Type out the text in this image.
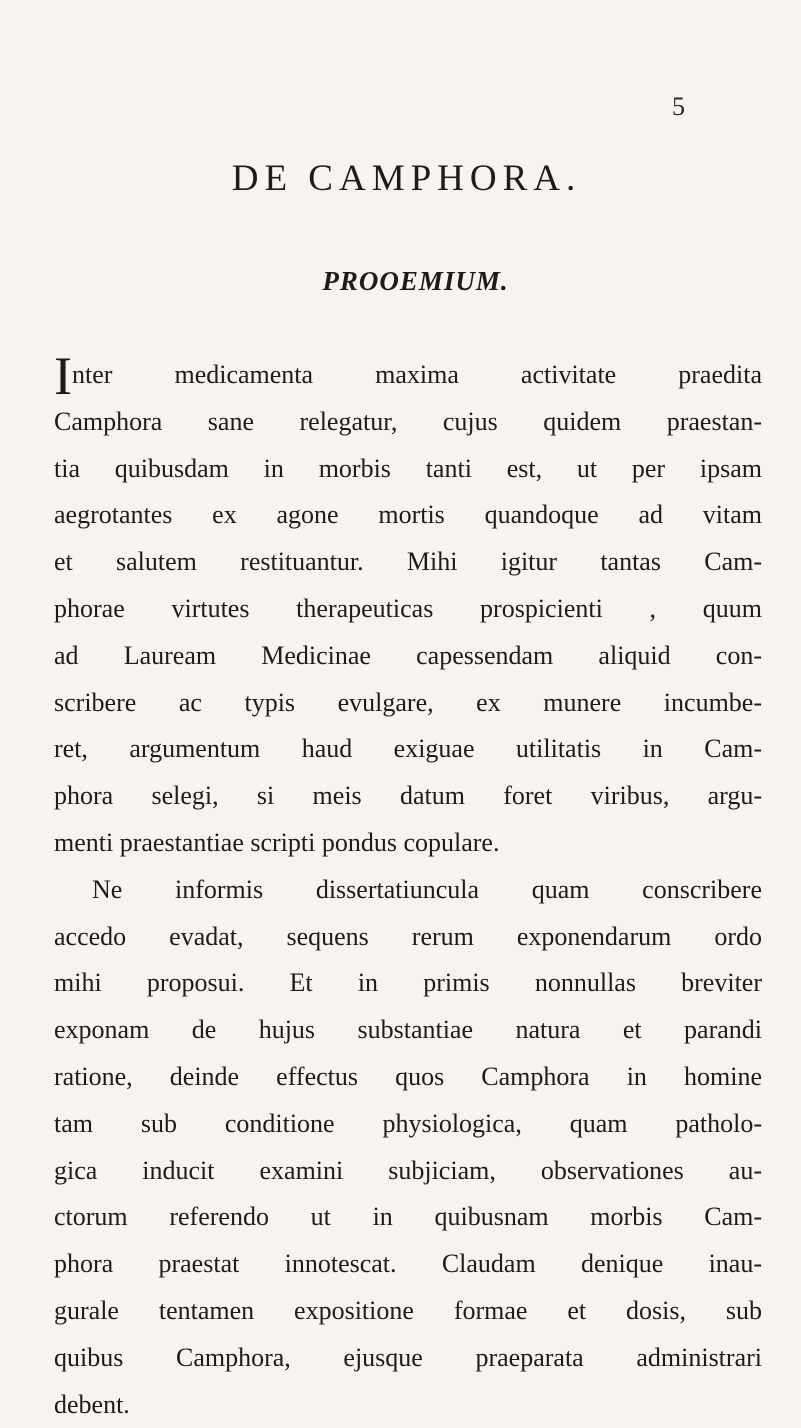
5
DE CAMPHORA.
PROOEMIUM.
Inter medicamenta maxima activitate praedita
Camphora sane relegatur, cujus quidem praestan-
tia quibusdam in morbis tanti est, ut per ipsam
aegrotantes ex agone mortis quandoque ad vitam
et salutem restituantur. Mihi igitur tantas Cam-
phorae virtutes therapeuticas prospicienti , quum
ad Lauream Medicinae capessendam aliquid con-
scribere ac typis evulgare, ex munere incumbe-
ret, argumentum haud exiguae utilitatis in Cam-
phora selegi, si meis datum foret viribus, argu-
menti praestantiae scripti pondus copulare.
Ne informis dissertatiuncula quam conscribere
accedo evadat, sequens rerum exponendarum ordo
mihi proposui. Et in primis nonnullas breviter
exponam de hujus substantiae natura et parandi
ratione, deinde effectus quos Camphora in homine
tam sub conditione physiologica, quam patholo-
gica inducit examini subjiciam, observationes au-
ctorum referendo ut in quibusnam morbis Cam-
phora praestat innotescat. Claudam denique inau-
gurale tentamen expositione formae et dosis, sub
quibus Camphora, ejusque praeparata administrari
debent.
